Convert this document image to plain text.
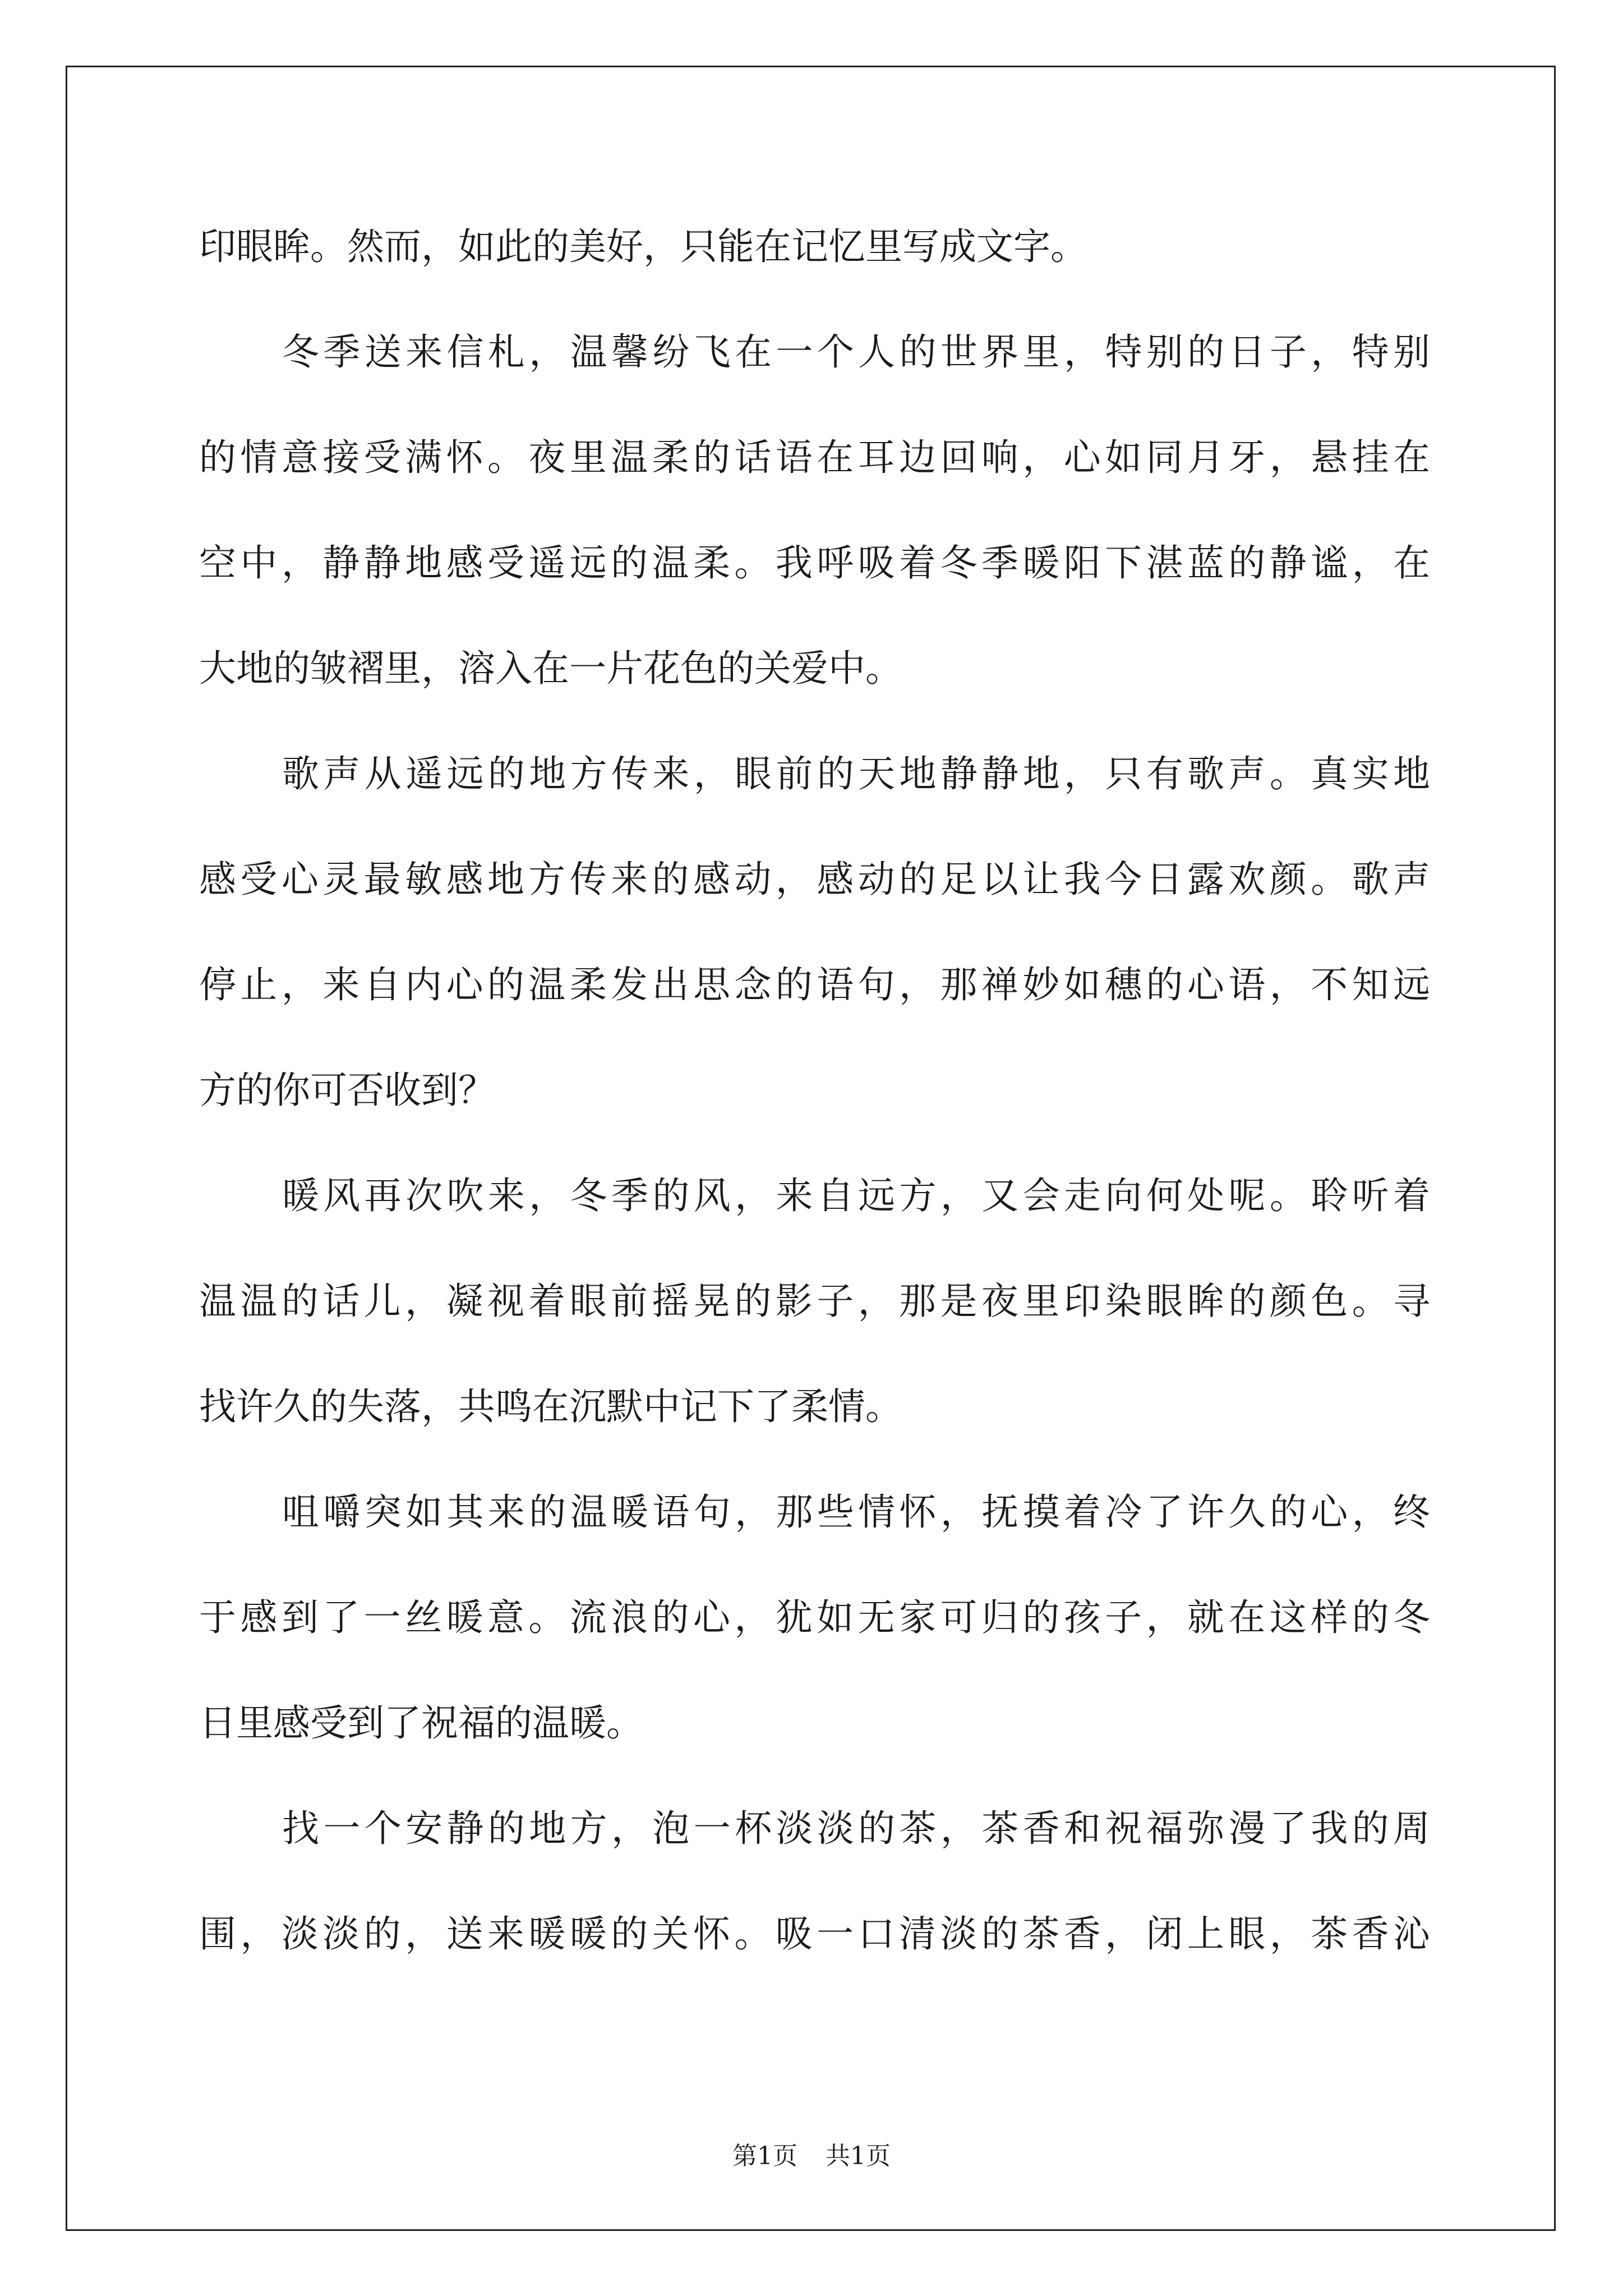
印眼眸。然而，如此的美好，只能在记忆里写成文字。
冬季送来信札，温馨纷飞在一个人的世界里，特别的日子，特别
的情意接受满怀。夜里温柔的话语在耳边回响，心如同月牙，悬挂在
空中，静静地感受遥远的温柔。我呼吸着冬季暖阳下湛蓝的静谧，在
大地的皱褶里，溶入在一片花色的关爱中。
歌声从遥远的地方传来，眼前的天地静静地，只有歌声。真实地
感受心灵最敏感地方传来的感动，感动的足以让我今日露欢颜。歌声
停止，来自内心的温柔发出思念的语句，那禅妙如穗的心语，不知远
方的你可否收到？
暖风再次吹来，冬季的风，来自远方，又会走向何处呢。聆听着
温温的话儿，凝视着眼前摇晃的影子，那是夜里印染眼眸的颜色。寻
找许久的失落，共鸣在沉默中记下了柔情。
咀嚼突如其来的温暖语句，那些情怀，抚摸着冷了许久的心，终
于感到了一丝暖意。流浪的心，犹如无家可归的孩子，就在这样的冬
日里感受到了祝福的温暖。
找一个安静的地方，泡一杯淡淡的茶，茶香和祝福弥漫了我的周
围，淡淡的，送来暖暖的关怀。吸一口清淡的茶香，闭上眼，茶香沁
第1页 共1页
